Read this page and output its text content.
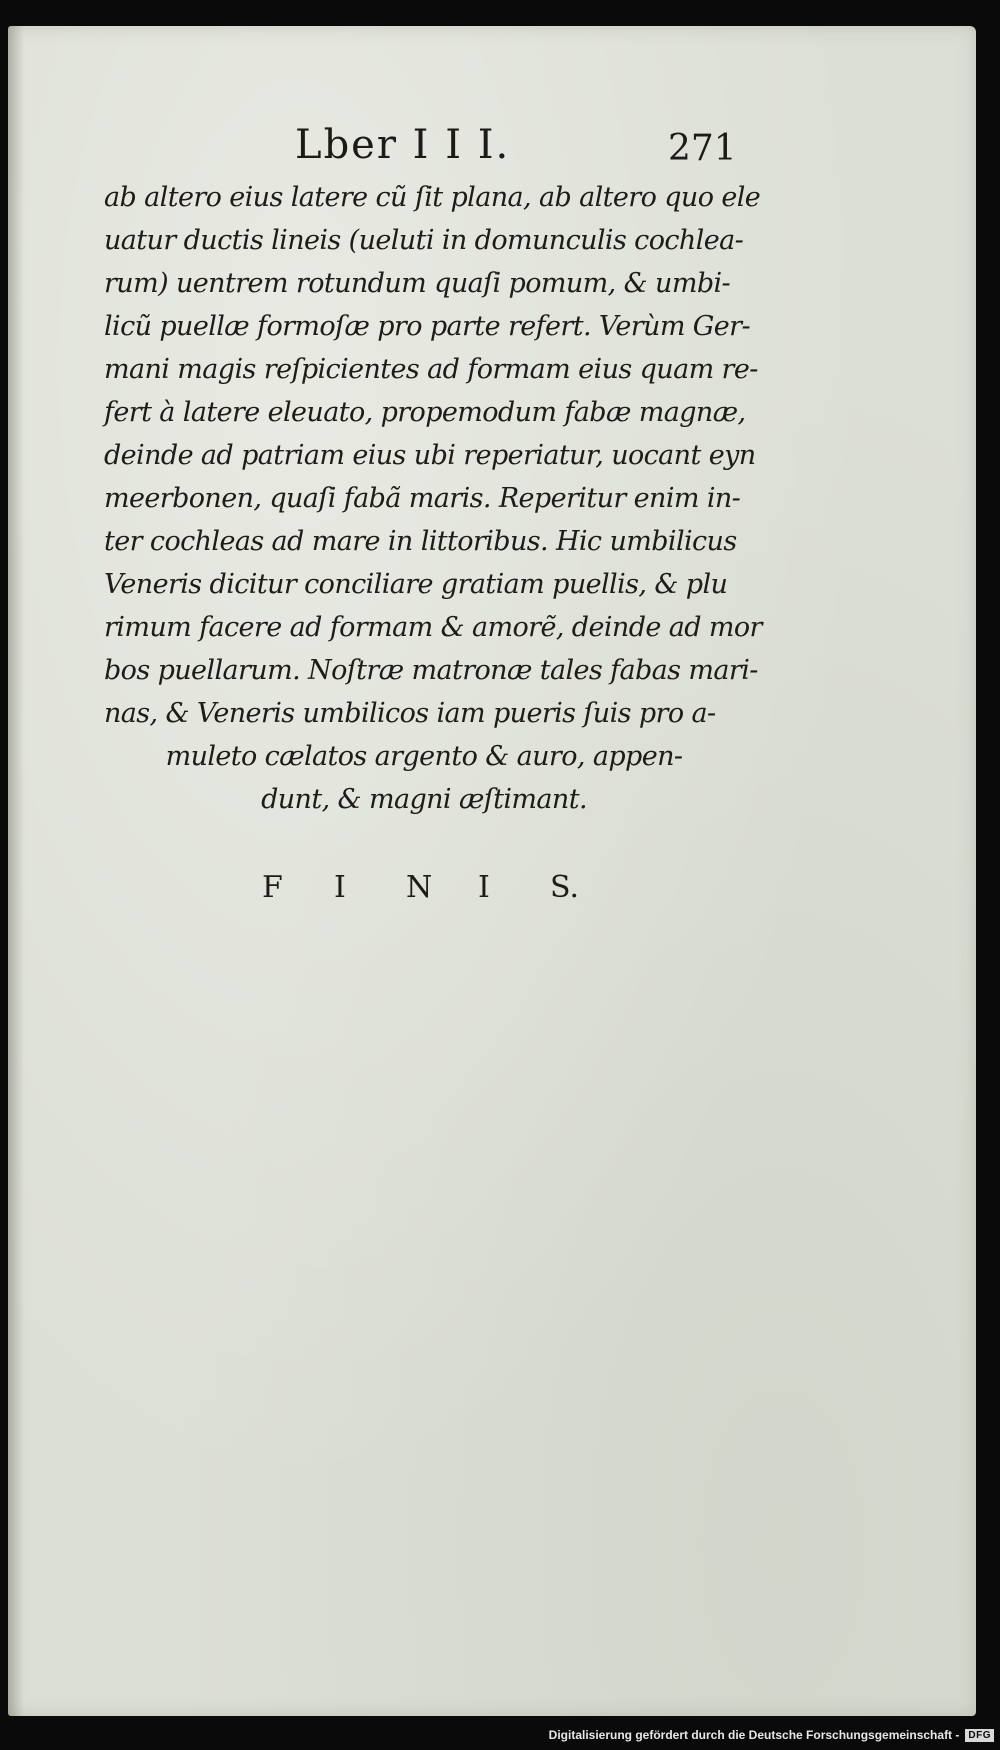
Lber I I I.	271
ab altero eius latere cũ ſit plana, ab altero quo ele
uatur ductis lineis (ueluti in domunculis cochlea-
rum) uentrem rotundum quaſi pomum, & umbi-
licũ puellæ formoſæ pro parte refert. Verùm Ger-
mani magis reſpicientes ad formam eius quam re-
fert à latere eleuato, propemodum fabæ magnæ,
deinde ad patriam eius ubi reperiatur, uocant eyn
meerbonen, quaſi fabã maris. Reperitur enim in-
ter cochleas ad mare in littoribus. Hic umbilicus
Veneris dicitur conciliare gratiam puellis, & plu
rimum facere ad formam & amorẽ, deinde ad mor
bos puellarum. Noſtræ matronæ tales fabas mari-
nas, & Veneris umbilicos iam pueris ſuis pro a-
muleto cælatos argento & auro, appen-
dunt, & magni æſtimant.
F I N I S.
Digitalisierung gefördert durch die Deutsche Forschungsgemeinschaft - DFG
